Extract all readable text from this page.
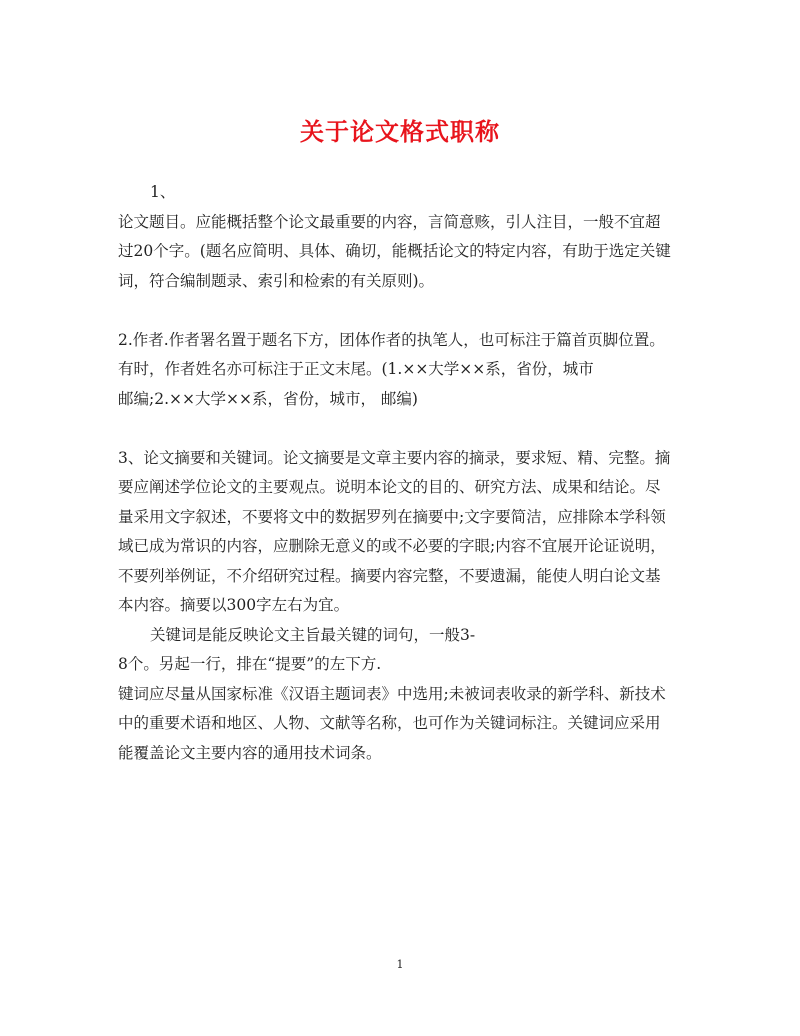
关于论文格式职称
1、
论文题目。应能概括整个论文最重要的内容，言简意赅，引人注目，一般不宜超
过20个字。(题名应简明、具体、确切，能概括论文的特定内容，有助于选定关键
词，符合编制题录、索引和检索的有关原则)。
2.作者.作者署名置于题名下方，团体作者的执笔人，也可标注于篇首页脚位置。
有时，作者姓名亦可标注于正文末尾。(1.××大学××系，省份，城市
邮编;2.××大学××系，省份，城市， 邮编)
3、论文摘要和关键词。论文摘要是文章主要内容的摘录，要求短、精、完整。摘
要应阐述学位论文的主要观点。说明本论文的目的、研究方法、成果和结论。尽
量采用文字叙述，不要将文中的数据罗列在摘要中;文字要简洁，应排除本学科领
域已成为常识的内容，应删除无意义的或不必要的字眼;内容不宜展开论证说明，
不要列举例证，不介绍研究过程。摘要内容完整，不要遗漏，能使人明白论文基
本内容。摘要以300字左右为宜。
关键词是能反映论文主旨最关键的词句，一般3-
8个。另起一行，排在“提要”的左下方.
键词应尽量从国家标准《汉语主题词表》中选用;未被词表收录的新学科、新技术
中的重要术语和地区、人物、文献等名称，也可作为关键词标注。关键词应采用
能覆盖论文主要内容的通用技术词条。
1
